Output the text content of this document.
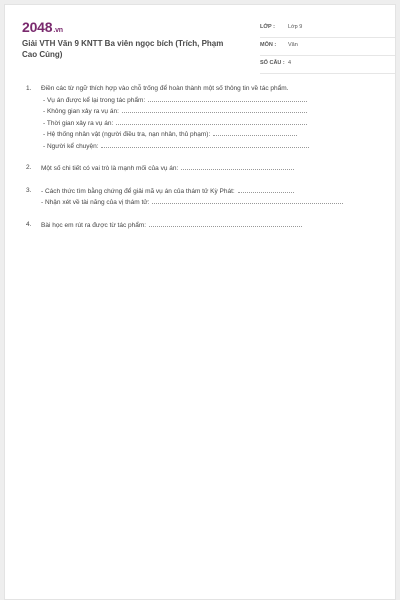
2048.vn
Giải VTH Văn 9 KNTT Ba viên ngọc bích (Trích, Phạm Cao Củng)
LỚP : Lớp 9
MÔN : Văn
SỐ CÂU : 4
1. Điền các từ ngữ thích hợp vào chỗ trống để hoàn thành một số thông tin về tác phẩm.
- Vụ án được kể lại trong tác phẩm:
- Không gian xảy ra vụ án:
- Thời gian xảy ra vụ án:
- Hệ thống nhân vật (người điều tra, nạn nhân, thủ phạm):
- Người kể chuyện:
2. Một số chi tiết có vai trò là mạnh mối của vụ án:
3. - Cách thức tìm bằng chứng để giải mã vụ án của thám tử Kỳ Phát:
- Nhận xét về tài năng của vị thám tử:
4. Bài học em rút ra được từ tác phẩm:
